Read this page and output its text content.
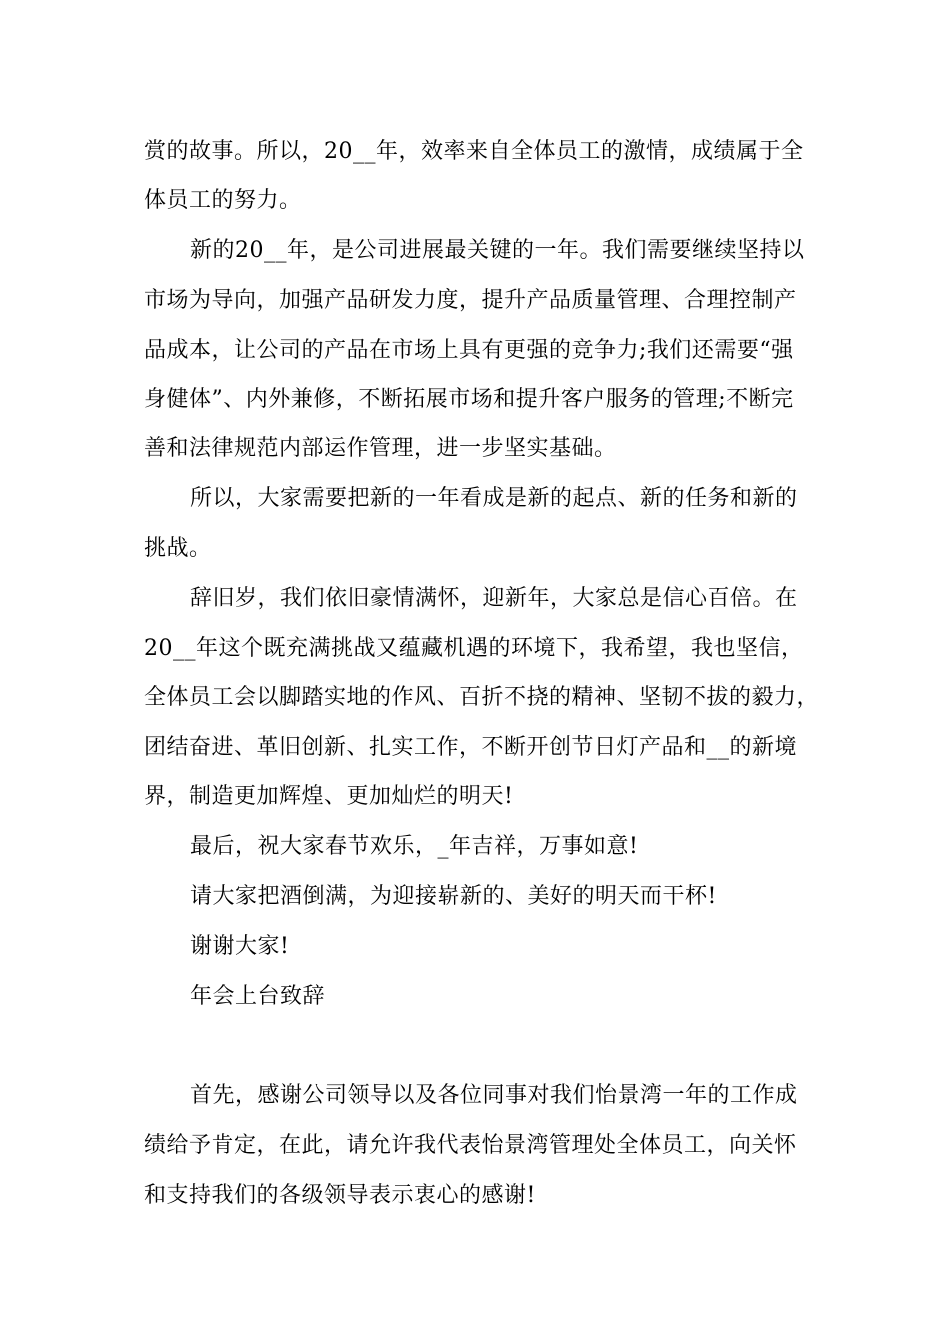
赏的故事。所以，20__年，效率来自全体员工的激情，成绩属于全
体员工的努力。
新的20__年，是公司进展最关键的一年。我们需要继续坚持以
市场为导向，加强产品研发力度，提升产品质量管理、合理控制产
品成本，让公司的产品在市场上具有更强的竞争力;我们还需要“强
身健体”、内外兼修，不断拓展市场和提升客户服务的管理;不断完
善和法律规范内部运作管理，进一步坚实基础。
所以，大家需要把新的一年看成是新的起点、新的任务和新的
挑战。
辞旧岁，我们依旧豪情满怀，迎新年，大家总是信心百倍。在
20__年这个既充满挑战又蕴藏机遇的环境下，我希望，我也坚信，
全体员工会以脚踏实地的作风、百折不挠的精神、坚韧不拔的毅力，
团结奋进、革旧创新、扎实工作，不断开创节日灯产品和__的新境
界，制造更加辉煌、更加灿烂的明天!
最后，祝大家春节欢乐，_年吉祥，万事如意!
请大家把酒倒满，为迎接崭新的、美好的明天而干杯!
谢谢大家!
年会上台致辞
首先，感谢公司领导以及各位同事对我们怡景湾一年的工作成
绩给予肯定，在此，请允许我代表怡景湾管理处全体员工，向关怀
和支持我们的各级领导表示衷心的感谢!
